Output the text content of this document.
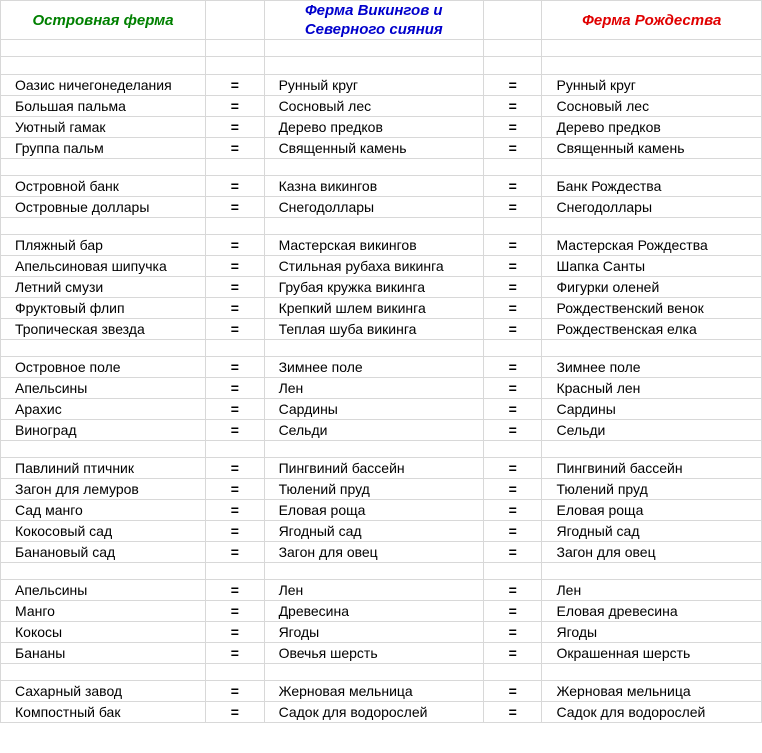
Островная ферма		Ферма Викингов и Северного сияния		Ферма Рождества

Оазис ничегонеделания	=	Рунный круг	=	Рунный круг
Большая пальма	=	Сосновый лес	=	Сосновый лес
Уютный гамак	=	Дерево предков	=	Дерево предков
Группа пальм	=	Священный камень	=	Священный камень

Островной банк	=	Казна викингов	=	Банк Рождества
Островные доллары	=	Снегодоллары	=	Снегодоллары

Пляжный бар	=	Мастерская викингов	=	Мастерская Рождества
Апельсиновая шипучка	=	Стильная рубаха викинга	=	Шапка Санты
Летний смузи	=	Грубая кружка викинга	=	Фигурки оленей
Фруктовый флип	=	Крепкий шлем викинга	=	Рождественский венок
Тропическая звезда	=	Теплая шуба викинга	=	Рождественская елка

Островное поле	=	Зимнее поле	=	Зимнее поле
Апельсины	=	Лен	=	Красный лен
Арахис	=	Сардины	=	Сардины
Виноград	=	Сельди	=	Сельди

Павлиний птичник	=	Пингвиний бассейн	=	Пингвиний бассейн
Загон для лемуров	=	Тюлений пруд	=	Тюлений пруд
Сад манго	=	Еловая роща	=	Еловая роща
Кокосовый сад	=	Ягодный сад	=	Ягодный сад
Банановый сад	=	Загон для овец	=	Загон для овец

Апельсины	=	Лен	=	Лен
Манго	=	Древесина	=	Еловая древесина
Кокосы	=	Ягоды	=	Ягоды
Бананы	=	Овечья шерсть	=	Окрашенная шерсть

Сахарный завод	=	Жерновая мельница	=	Жерновая мельница
Компостный бак	=	Садок для водорослей	=	Садок для водорослей
